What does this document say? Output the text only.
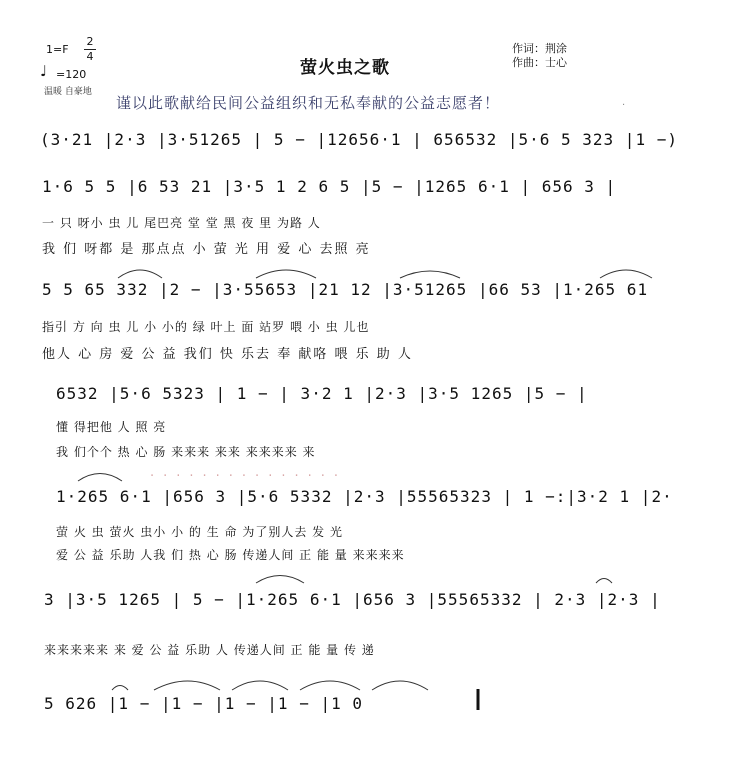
1=F
2
4
♩ =120
温暖 自豪地
萤火虫之歌
作词：荆涂
作曲：士心
谨以此歌献给民间公益组织和无私奉献的公益志愿者！	·
(3·21 |2·3 |3·51265 | 5 − |12656·1 | 656532 |5·6 5 323 |1 −)
1·6 5 5 |6 53 21 |3·5 1 2 6 5 |5 − |1265 6·1 | 656 3 |
一 只 呀小 虫 儿 尾巴亮 堂 堂 黑 夜 里 为路 人
我 们 呀都 是 那点点 小 萤 光 用 爱 心 去照 亮
5 5 65 332 |2 − |3·55653 |21 12 |3·51265 |66 53 |1·265 61
指引 方 向 虫 儿 小 小的 绿 叶上 面 站罗 喂 小 虫 儿也
他人 心 房 爱 公 益 我们 快 乐去 奉 献咯 喂 乐 助 人
6532 |5·6 5323 | 1 − | 3·2 1 |2·3 |3·5 1265 |5 − |
懂 得把他 人 照 亮
我 们个个 热 心 肠 来来来 来来 来来来来 来
...............
1·265 6·1 |656 3 |5·6 5332 |2·3 |55565323 | 1 −:|3·2 1 |2·
萤 火 虫 萤火 虫小 小 的 生 命 为了别人去 发 光
爱 公 益 乐助 人我 们 热 心 肠 传递人间 正 能 量 来来来来
3 |3·5 1265 | 5 − |1·265 6·1 |656 3 |55565332 | 2·3 |2·3 |
来来来来来 来 爱 公 益 乐助 人 传递人间 正 能 量 传 递
5 626 |1 − |1 − |1 − |1 − |1 0
